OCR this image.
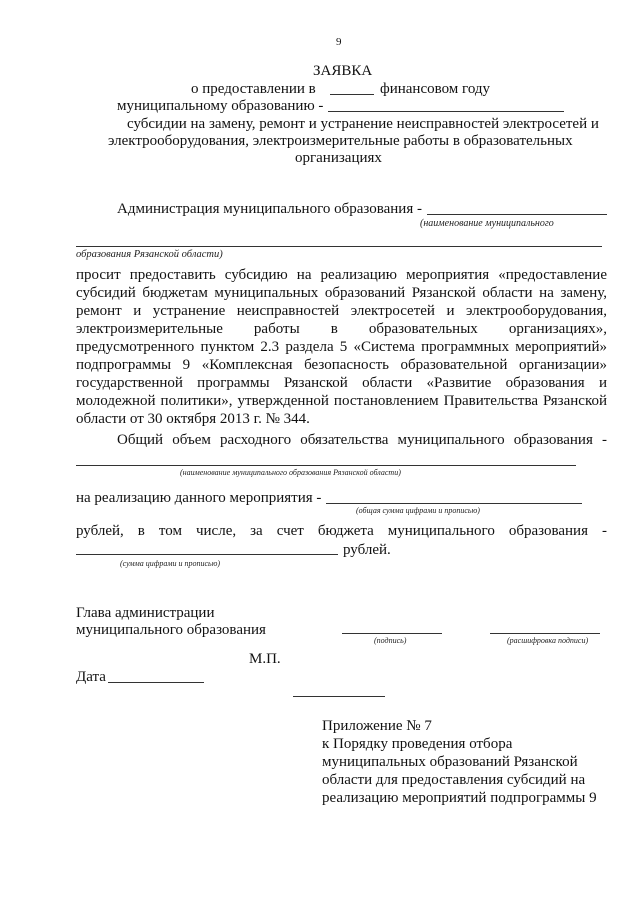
9
ЗАЯВКА
о предоставлении в	финансовом году
муниципальному образованию -
субсидии на замену, ремонт и устранение неисправностей электросетей и
электрооборудования, электроизмерительные работы в образовательных
организациях
Администрация муниципального образования -
(наименование муниципального
образования Рязанской области)
просит предоставить субсидию на реализацию мероприятия «предоставление
субсидий бюджетам муниципальных образований Рязанской области на замену,
ремонт и устранение неисправностей электросетей и электрооборудования,
электроизмерительные работы в образовательных организациях»,
предусмотренного пунктом 2.3 раздела 5 «Система программных мероприятий»
подпрограммы 9 «Комплексная безопасность образовательной организации»
государственной программы Рязанской области «Развитие образования и
молодежной политики», утвержденной постановлением Правительства Рязанской
области от 30 октября 2013 г. № 344.
Общий объем расходного обязательства муниципального образования -
(наименование муниципального образования Рязанской области)
на реализацию данного мероприятия -
(общая сумма цифрами и прописью)
рублей, в том числе, за счет бюджета муниципального образования -
рублей.
(сумма цифрами и прописью)
Глава администрации
муниципального образования
(подпись)	(расшифровка подписи)
М.П.
Дата
Приложение № 7
к Порядку проведения отбора
муниципальных образований Рязанской
области для предоставления субсидий на
реализацию мероприятий подпрограммы 9
